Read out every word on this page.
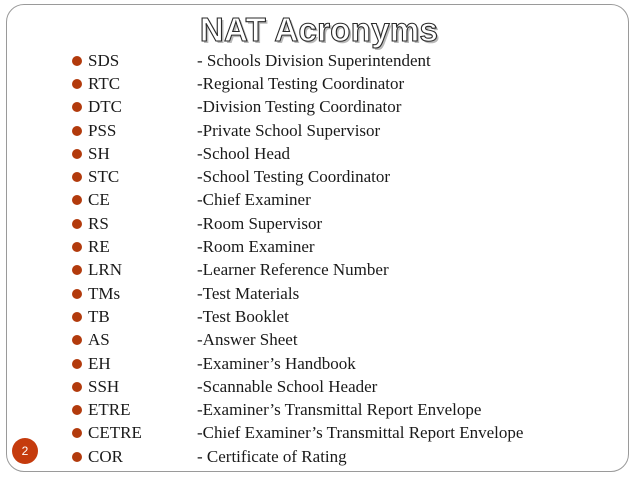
NAT Acronyms
SDS	- Schools Division Superintendent
RTC	-Regional Testing Coordinator
DTC	-Division Testing Coordinator
PSS	-Private School Supervisor
SH	-School Head
STC	-School Testing Coordinator
CE	-Chief Examiner
RS	-Room Supervisor
RE	-Room Examiner
LRN	-Learner Reference Number
TMs	-Test Materials
TB	-Test Booklet
AS	-Answer Sheet
EH	-Examiner’s Handbook
SSH	-Scannable School Header
ETRE	-Examiner’s Transmittal Report Envelope
CETRE	-Chief Examiner’s Transmittal Report Envelope
COR	- Certificate of Rating
2
